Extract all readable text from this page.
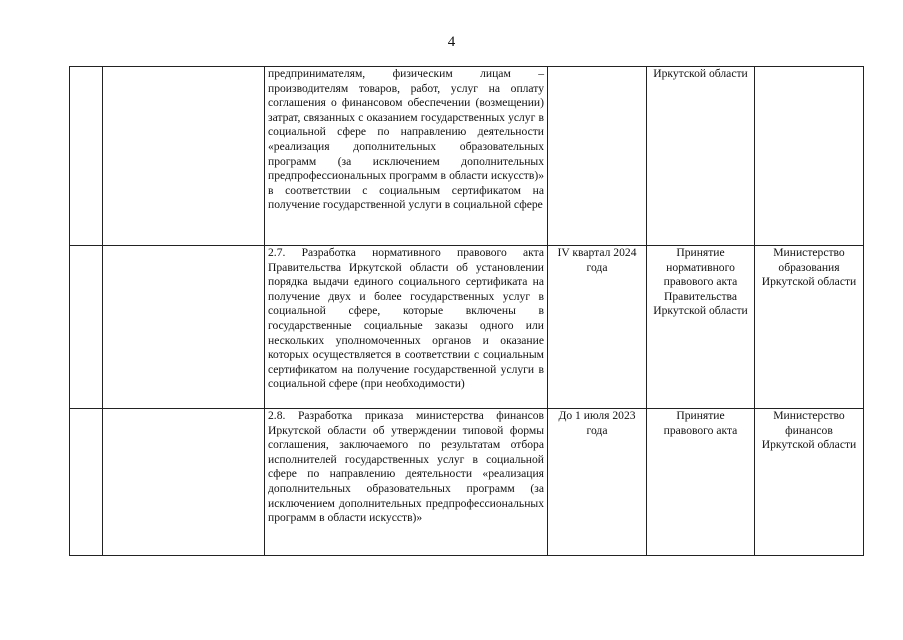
4
		предпринимателям, физическим лицам – производителям товаров, работ, услуг на оплату соглашения о финансовом обеспечении (возмещении) затрат, связанных с оказанием государственных услуг в социальной сфере по направлению деятельности «реализация дополнительных образовательных программ (за исключением дополнительных предпрофессиональных программ в области искусств)» в соответствии с социальным сертификатом на получение государственной услуги в социальной сфере		Иркутской области	
		2.7. Разработка нормативного правового акта Правительства Иркутской области об установлении порядка выдачи единого социального сертификата на получение двух и более государственных услуг в социальной сфере, которые включены в государственные социальные заказы одного или нескольких уполномоченных органов и оказание которых осуществляется в соответствии с социальным сертификатом на получение государственной услуги в социальной сфере (при необходимости)	IV квартал 2024 года	Принятие нормативного правового акта Правительства Иркутской области	Министерство образования Иркутской области
		2.8. Разработка приказа министерства финансов Иркутской области об утверждении типовой формы соглашения, заключаемого по результатам отбора исполнителей государственных услуг в социальной сфере по направлению деятельности «реализация дополнительных образовательных программ (за исключением дополнительных предпрофессиональных программ в области искусств)»	До 1 июля 2023 года	Принятие правового акта	Министерство финансов Иркутской области
